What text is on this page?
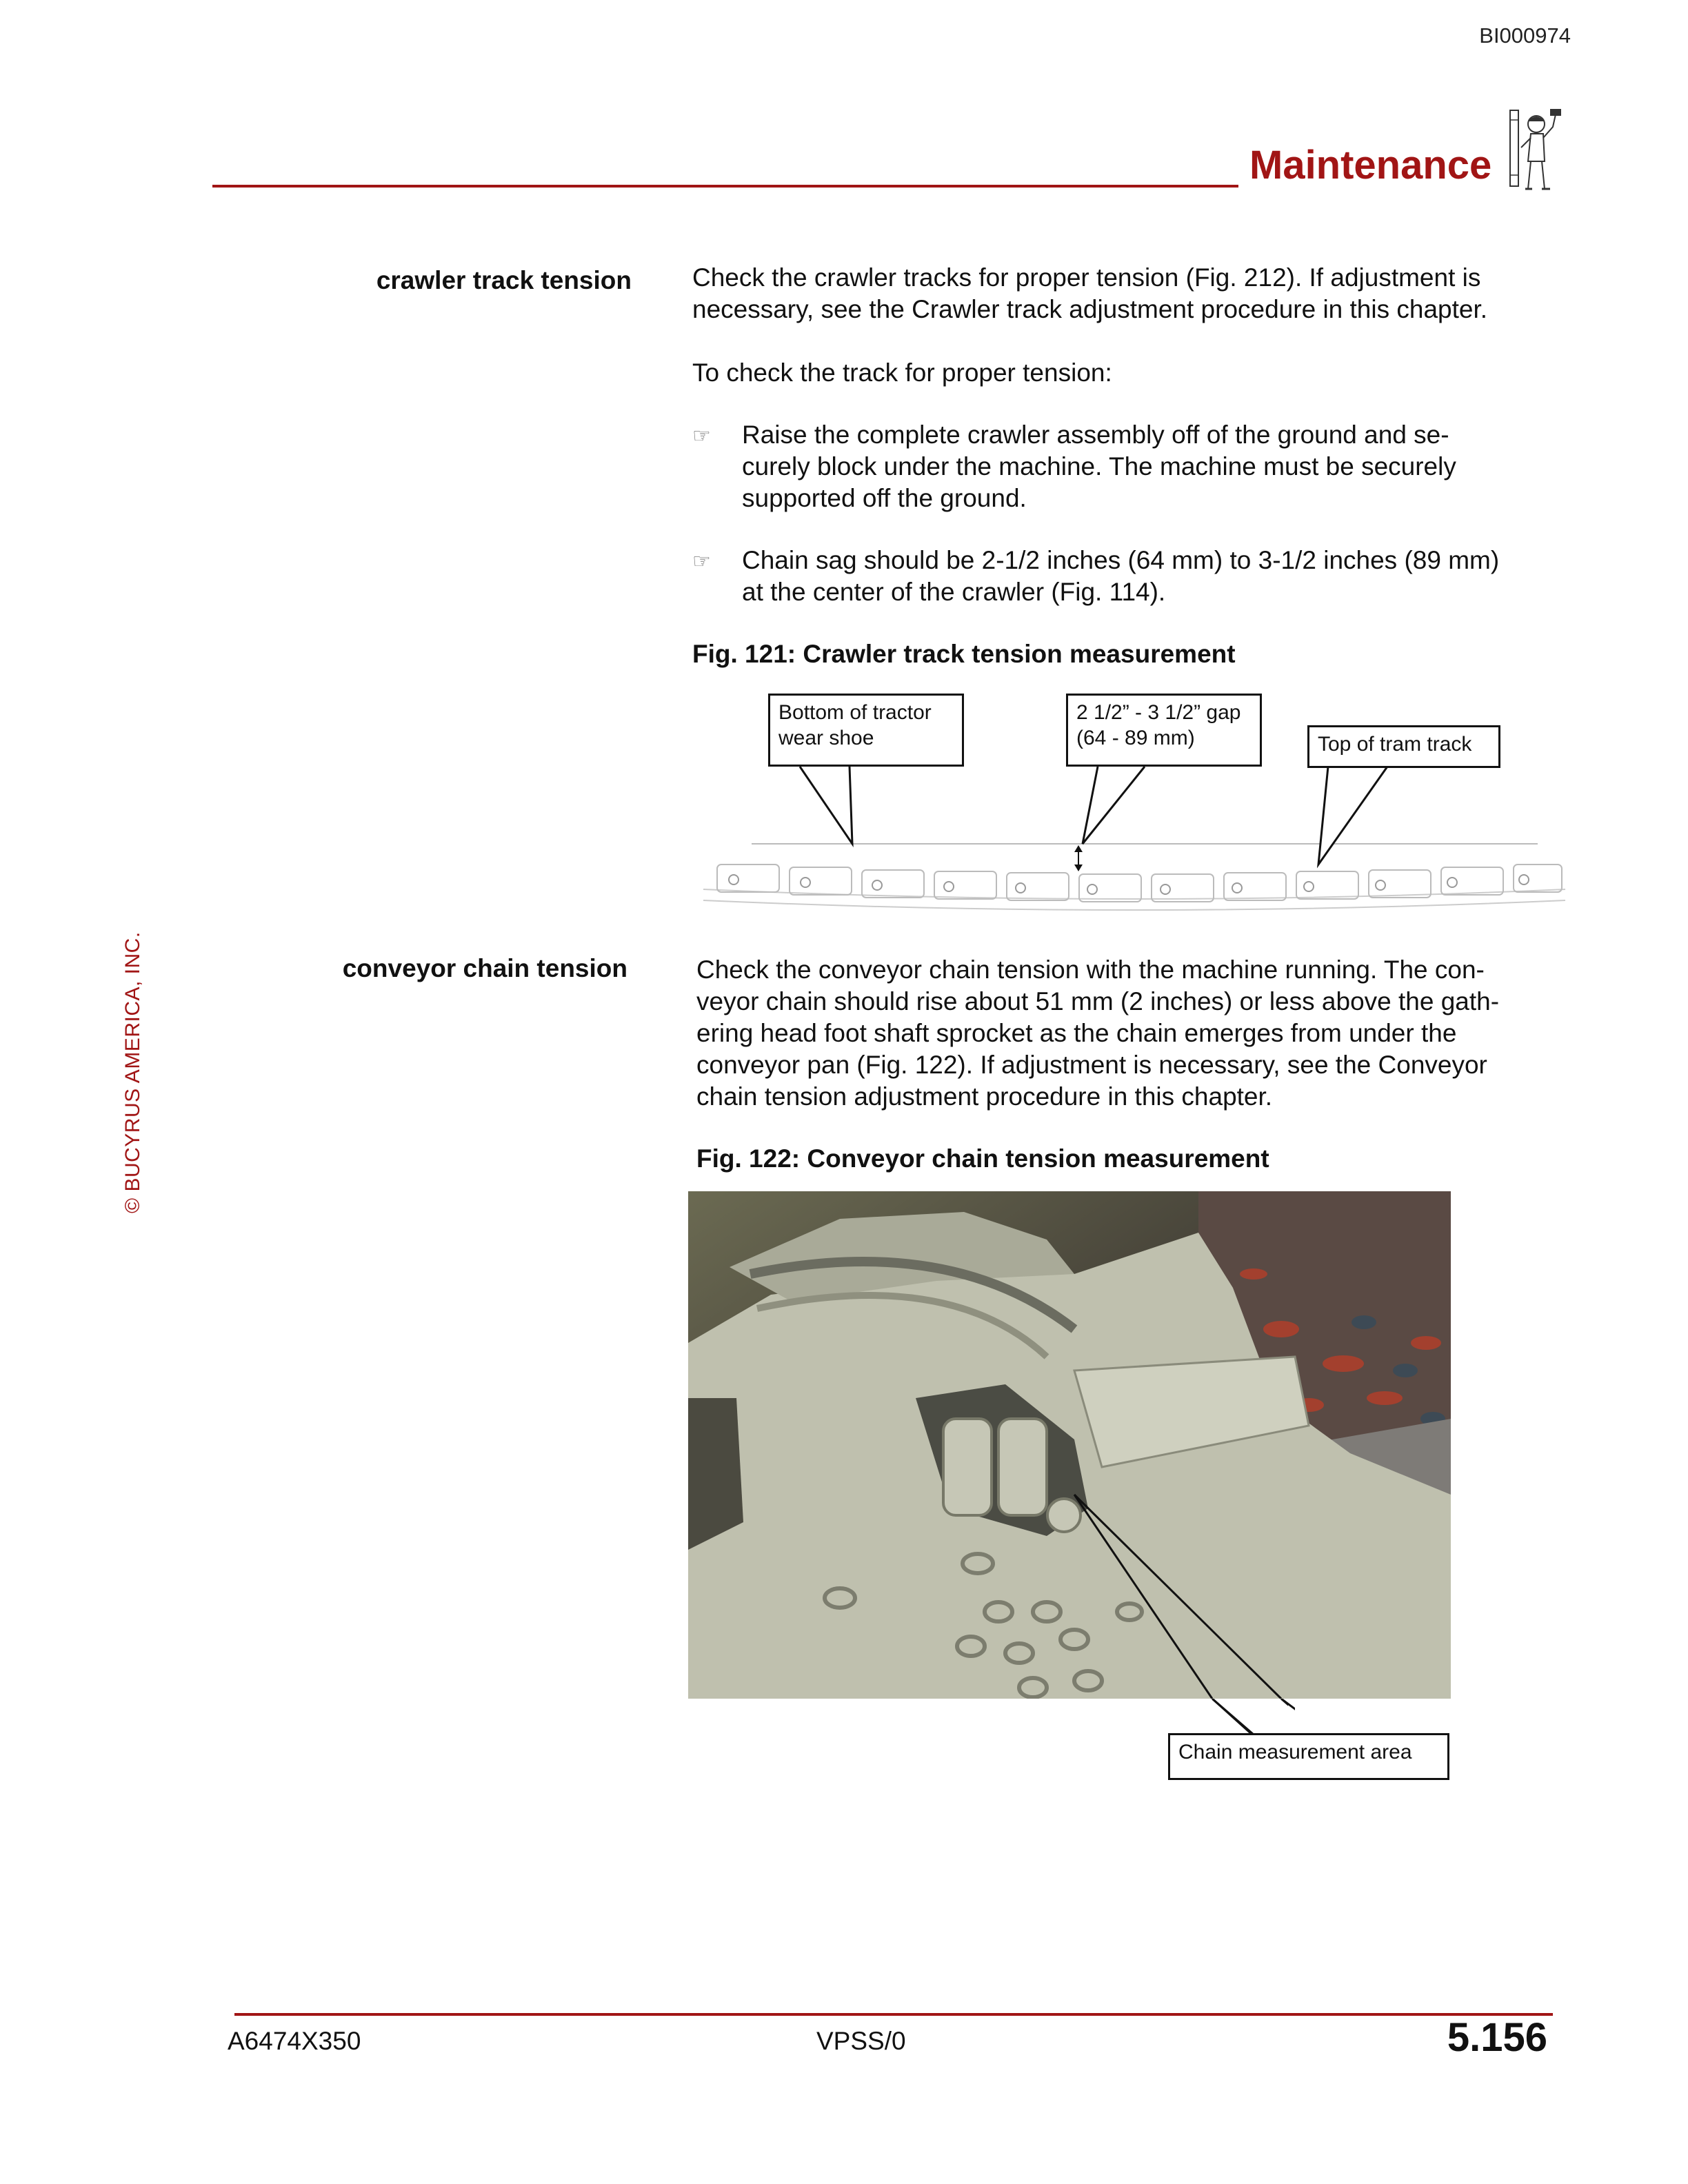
BI000974
Maintenance
© BUCYRUS AMERICA, INC.
crawler track tension Check the crawler tracks for proper tension (Fig. 212). If adjustment is
necessary, see the Crawler track adjustment procedure in this chapter.
To check the track for proper tension:
☞	Raise the complete crawler assembly off of the ground and se-
curely block under the machine. The machine must be securely
supported off the ground.
☞	Chain sag should be 2-1/2 inches (64 mm) to 3-1/2 inches (89 mm)
at the center of the crawler (Fig. 114).
Fig. 121: Crawler track tension measurement
Bottom of tractor
wear shoe
2 1/2” - 3 1/2” gap
(64 - 89 mm)	Top of tram track
conveyor chain tension	Check the conveyor chain tension with the machine running. The con-
veyor chain should rise about 51 mm (2 inches) or less above the gath-
ering head foot shaft sprocket as the chain emerges from under the
conveyor pan (Fig. 122). If adjustment is necessary, see the Conveyor
chain tension adjustment procedure in this chapter.
Fig. 122: Conveyor chain tension measurement
Chain measurement area
A6474X350	VPSS/0	5.156
